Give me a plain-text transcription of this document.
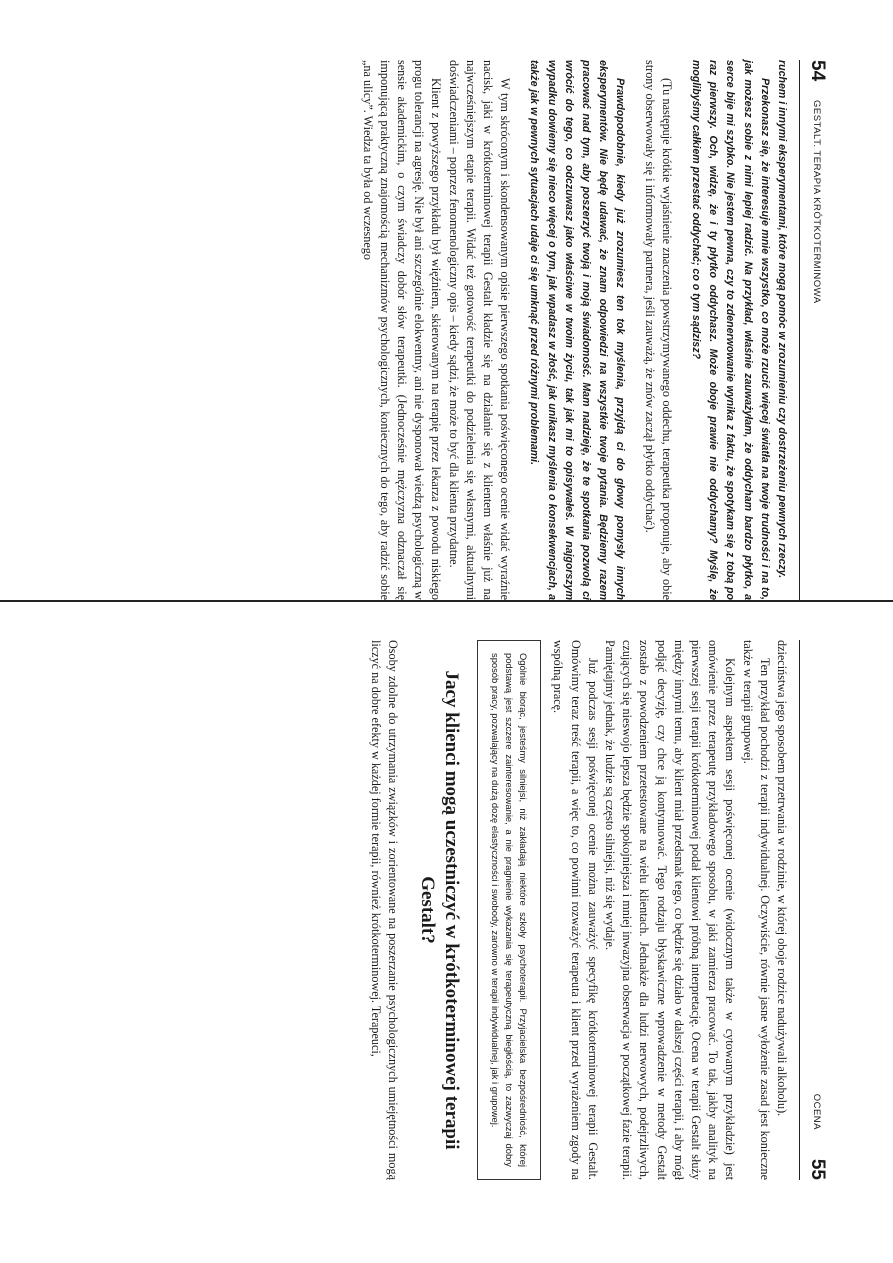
54
GESTALT. TERAPIA KRÓTKOTERMINOWA

ruchem i innymi eksperymentami, które mogą pomóc w zrozumieniu czy dostrzeżeniu pewnych rzeczy.

Przekonasz się, że interesuje mnie wszystko, co może rzucić więcej światła na twoje trudności i na to, jak możesz sobie z nimi lepiej radzić. Na przykład, właśnie zauważyłam, że oddycham bardzo płytko, a serce bije mi szybko. Nie jestem pewna, czy to zdenerwowanie wynika z faktu, że spotykam się z tobą po raz pierwszy. Och, widzę, że i ty płytko oddychasz. Może oboje prawie nie oddychamy? Myślę, że moglibyśmy całkiem przestać oddychać; co o tym sądzisz?

(Tu następuje krótkie wyjaśnienie znaczenia powstrzymywanego oddechu, terapeutka proponuje, aby obie strony obserwowały się i informowały partnera, jeśli zauważą, że znów zaczął płytko oddychać).

Prawdopodobnie, kiedy już zrozumiesz ten tok myślenia, przyjdą ci do głowy pomysły innych eksperymentów. Nie będę udawać, że znam odpowiedzi na wszystkie twoje pytania. Będziemy razem pracować nad tym, aby poszerzyć twoją i moją świadomość. Mam nadzieję, że te spotkania pozwolą ci wrócić do tego, co odczuwasz jako właściwe w twoim życiu, tak jak mi to opisywałeś. W najgorszym wypadku dowiemy się nieco więcej o tym, jak wpadasz w złość, jak unikasz myślenia o konsekwencjach, a także jak w pewnych sytuacjach udaje ci się umknąć przed różnymi problemami.

W tym skróconym i skondensowanym opisie pierwszego spotkania poświęconego ocenie widać wyraźnie nacisk, jaki w krótkoterminowej terapii Gestalt kładzie się na działanie się z klientem właśnie już na najwcześniejszym etapie terapii. Widać też gotowość terapeutki do podzielenia się własnymi, aktualnymi doświadczeniami – poprzez fenomenologiczny opis – kiedy sądzi, że może to być dla klienta przydatne.

Klient z powyższego przykładu był więźniem, skierowanym na terapię przez lekarza z powodu niskiego progu tolerancji na agresję. Nie był ani szczególnie elokwentny, ani nie dysponował wiedzą psychologiczną w sensie akademickim, o czym świadczy dobór słów terapeutki. (Jednocześnie mężczyzna odznaczał się imponującą praktyczną znajomością mechanizmów psychologicznych, koniecznych do tego, aby radzić sobie „na ulicy”. Wiedza ta była od wczesnego

OCENA
55

dzieciństwa jego sposobem przetrwania w rodzinie, w której oboje rodzice nadużywali alkoholu).

Ten przykład pochodzi z terapii indywidualnej. Oczywiście, równie jasne wyłożenie zasad jest konieczne także w terapii grupowej.

Kolejnym aspektem sesji poświęconej ocenie (widocznym także w cytowanym przykładzie) jest omówienie przez terapeutę przykładowego sposobu, w jaki zamierza pracować. To tak, jakby analityk na pierwszej sesji terapii krótkoterminowej podał klientowi próbną interpretację. Ocena w terapii Gestalt służy między innymi temu, aby klient miał przedsmak tego, co będzie się działo w dalszej części terapii, i aby mógł podjąć decyzję, czy chce ją kontynuować. Tego rodzaju błyskawiczne wprowadzenie w metody Gestalt zostało z powodzeniem przetestowane na wielu klientach. Jednakże dla ludzi nerwowych, podejrzliwych, czujących się nieswojo lepsza będzie spokojniejsza i mniej inwazyjna obserwacja w początkowej fazie terapii. Pamiętajmy jednak, że ludzie są często silniejsi, niż się wydaje.

Już podczas sesji poświęconej ocenie można zauważyć specyfikę krótkoterminowej terapii Gestalt. Omówimy teraz treść terapii, a więc to, co powinni rozważyć terapeuta i klient przed wyrażeniem zgody na wspólną pracę.

Ogólnie biorąc, jesteśmy silniejsi, niż zakładają niektóre szkoły psychoterapii. Przyjacielska bezpośredniość, której podstawą jest szczere zainteresowanie, a nie pragnienie wykazania się terapeutyczną biegłością, to zazwyczaj dobry sposób pracy, pozwalający na dużą dozę elastyczności i swobody, zarówno w terapii indywidualnej, jak i grupowej.
Jacy klienci mogą uczestniczyć w krótkoterminowej terapii Gestalt?

Osoby zdolne do utrzymania związków i zorientowane na poszerzanie psychologicznych umiejętności mogą liczyć na dobre efekty w każdej formie terapii, również krótkoterminowej. Terapeuci,
